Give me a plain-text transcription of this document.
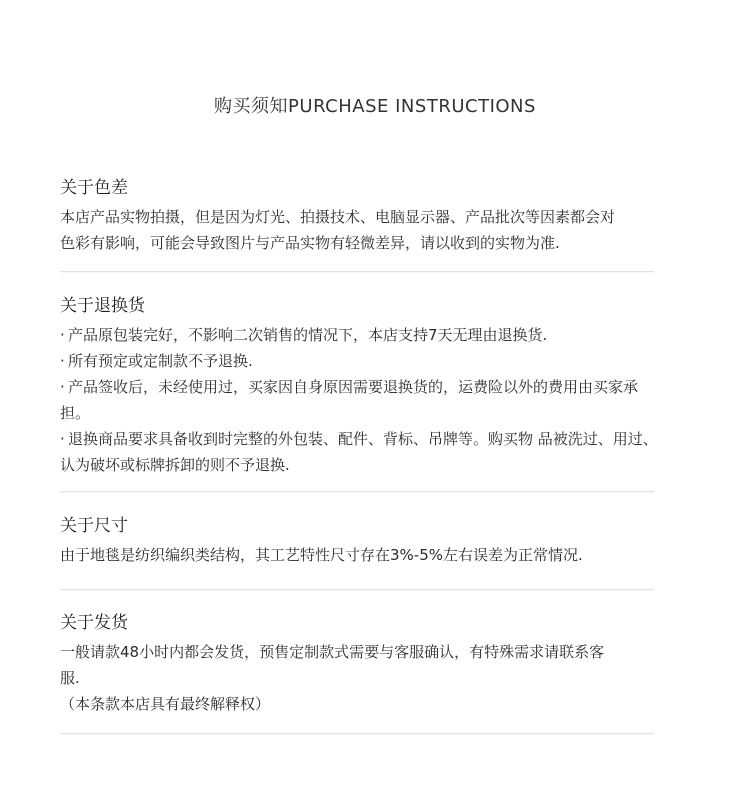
购买须知PURCHASE INSTRUCTIONS
关于色差

本店产品实物拍摄，但是因为灯光、拍摄技术、电脑显示器、产品批次等因素都会对

色彩有影响，可能会导致图片与产品实物有轻微差异，请以收到的实物为准.

关于退换货
· 产品原包装完好，不影响二次销售的情况下，本店支持7天无理由退换货.
· 所有预定或定制款不予退换.
· 产品签收后，未经使用过，买家因自身原因需要退换货的，运费险以外的费用由买家承担。
· 退换商品要求具备收到时完整的外包装、配件、背标、吊牌等。购买物 品被洗过、用过、认为破坏或标牌拆卸的则不予退换.
关于尺寸

由于地毯是纺织编织类结构，其工艺特性尺寸存在3%-5%左右误差为正常情况.

关于发货

一般请款48小时内都会发货，预售定制款式需要与客服确认，有特殊需求请联系客

服.

（本条款本店具有最终解释权）
